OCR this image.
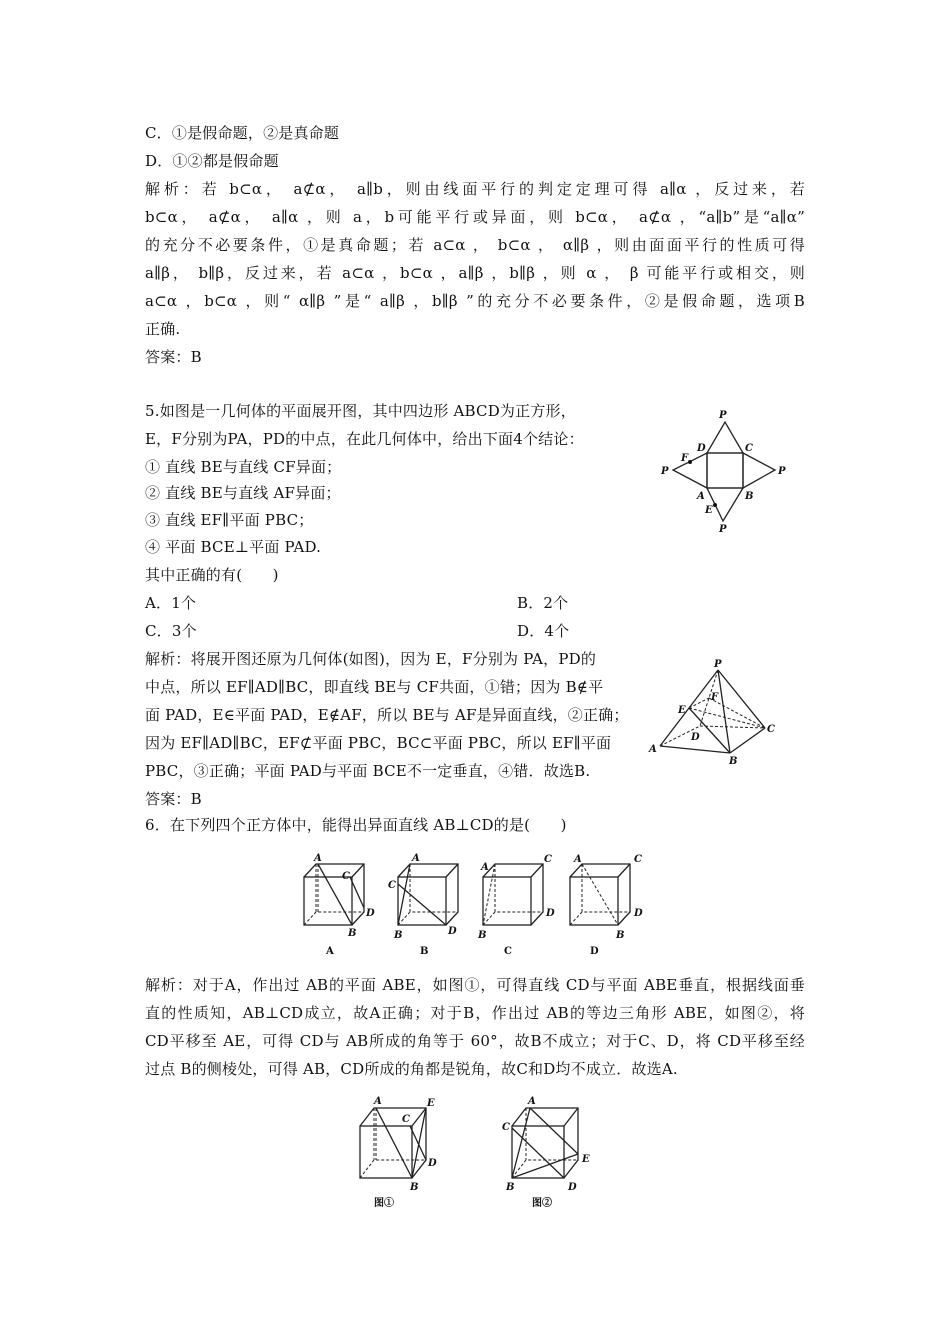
C．①是假命题，②是真命题
D．①②都是假命题
解析：若 b⊂α， a⊄α， a∥b，则由线面平行的判定定理可得 a∥α ，反过来，若
b⊂α， a⊄α， a∥α ，则 a，b可能平行或异面，则 b⊂α， a⊄α ，“a∥b”是“a∥α”
的充分不必要条件，①是真命题；若 a⊂α ， b⊂α ， α∥β ，则由面面平行的性质可得
a∥β， b∥β，反过来，若 a⊂α ，b⊂α ，a∥β ，b∥β ，则 α ， β 可能平行或相交，则
a⊂α ，b⊂α ，则“ α∥β ”是“ a∥β ，b∥β ”的充分不必要条件，②是假命题，选项B
正确.
答案：B
5.如图是一几何体的平面展开图，其中四边形 ABCD为正方形，
E，F分别为PA，PD的中点，在此几何体中，给出下面4个结论：
① 直线 BE与直线 CF异面；
② 直线 BE与直线 AF异面；
③ 直线 EF∥平面 PBC；
④ 平面 BCE⊥平面 PAD.
其中正确的有(　　)
A．1个	B．2个
C．3个	D．4个
解析：将展开图还原为几何体(如图)，因为 E，F分别为 PA，PD的
中点，所以 EF∥AD∥BC，即直线 BE与 CF共面，①错；因为 B∉平
面 PAD，E∈平面 PAD，E∉AF，所以 BE与 AF是异面直线，②正确；
因为 EF∥AD∥BC，EF⊄平面 PBC，BC⊂平面 PBC，所以 EF∥平面
PBC，③正确；平面 PAD与平面 BCE不一定垂直，④错．故选B.
答案：B
P
P
P
P
D	C
A	B
F
E
P
F
E
D
C
A
B
6．在下列四个正方体中，能得出异面直线 AB⊥CD的是(　　)
A
C
D
B
A
A
C
D
B
B
A
C
D
B
C
A	C
D
B
D
解析：对于A，作出过 AB的平面 ABE，如图①，可得直线 CD与平面 ABE垂直，根据线面垂
直的性质知，AB⊥CD成立，故A正确；对于B，作出过 AB的等边三角形 ABE，如图②，将
CD平移至 AE，可得 CD与 AB所成的角等于 60°，故B不成立；对于C、D，将 CD平移至经
过点 B的侧棱处，可得 AB，CD所成的角都是锐角，故C和D均不成立．故选A.
A
C
E
D
B
图①
A
C
E
D
B
图②
